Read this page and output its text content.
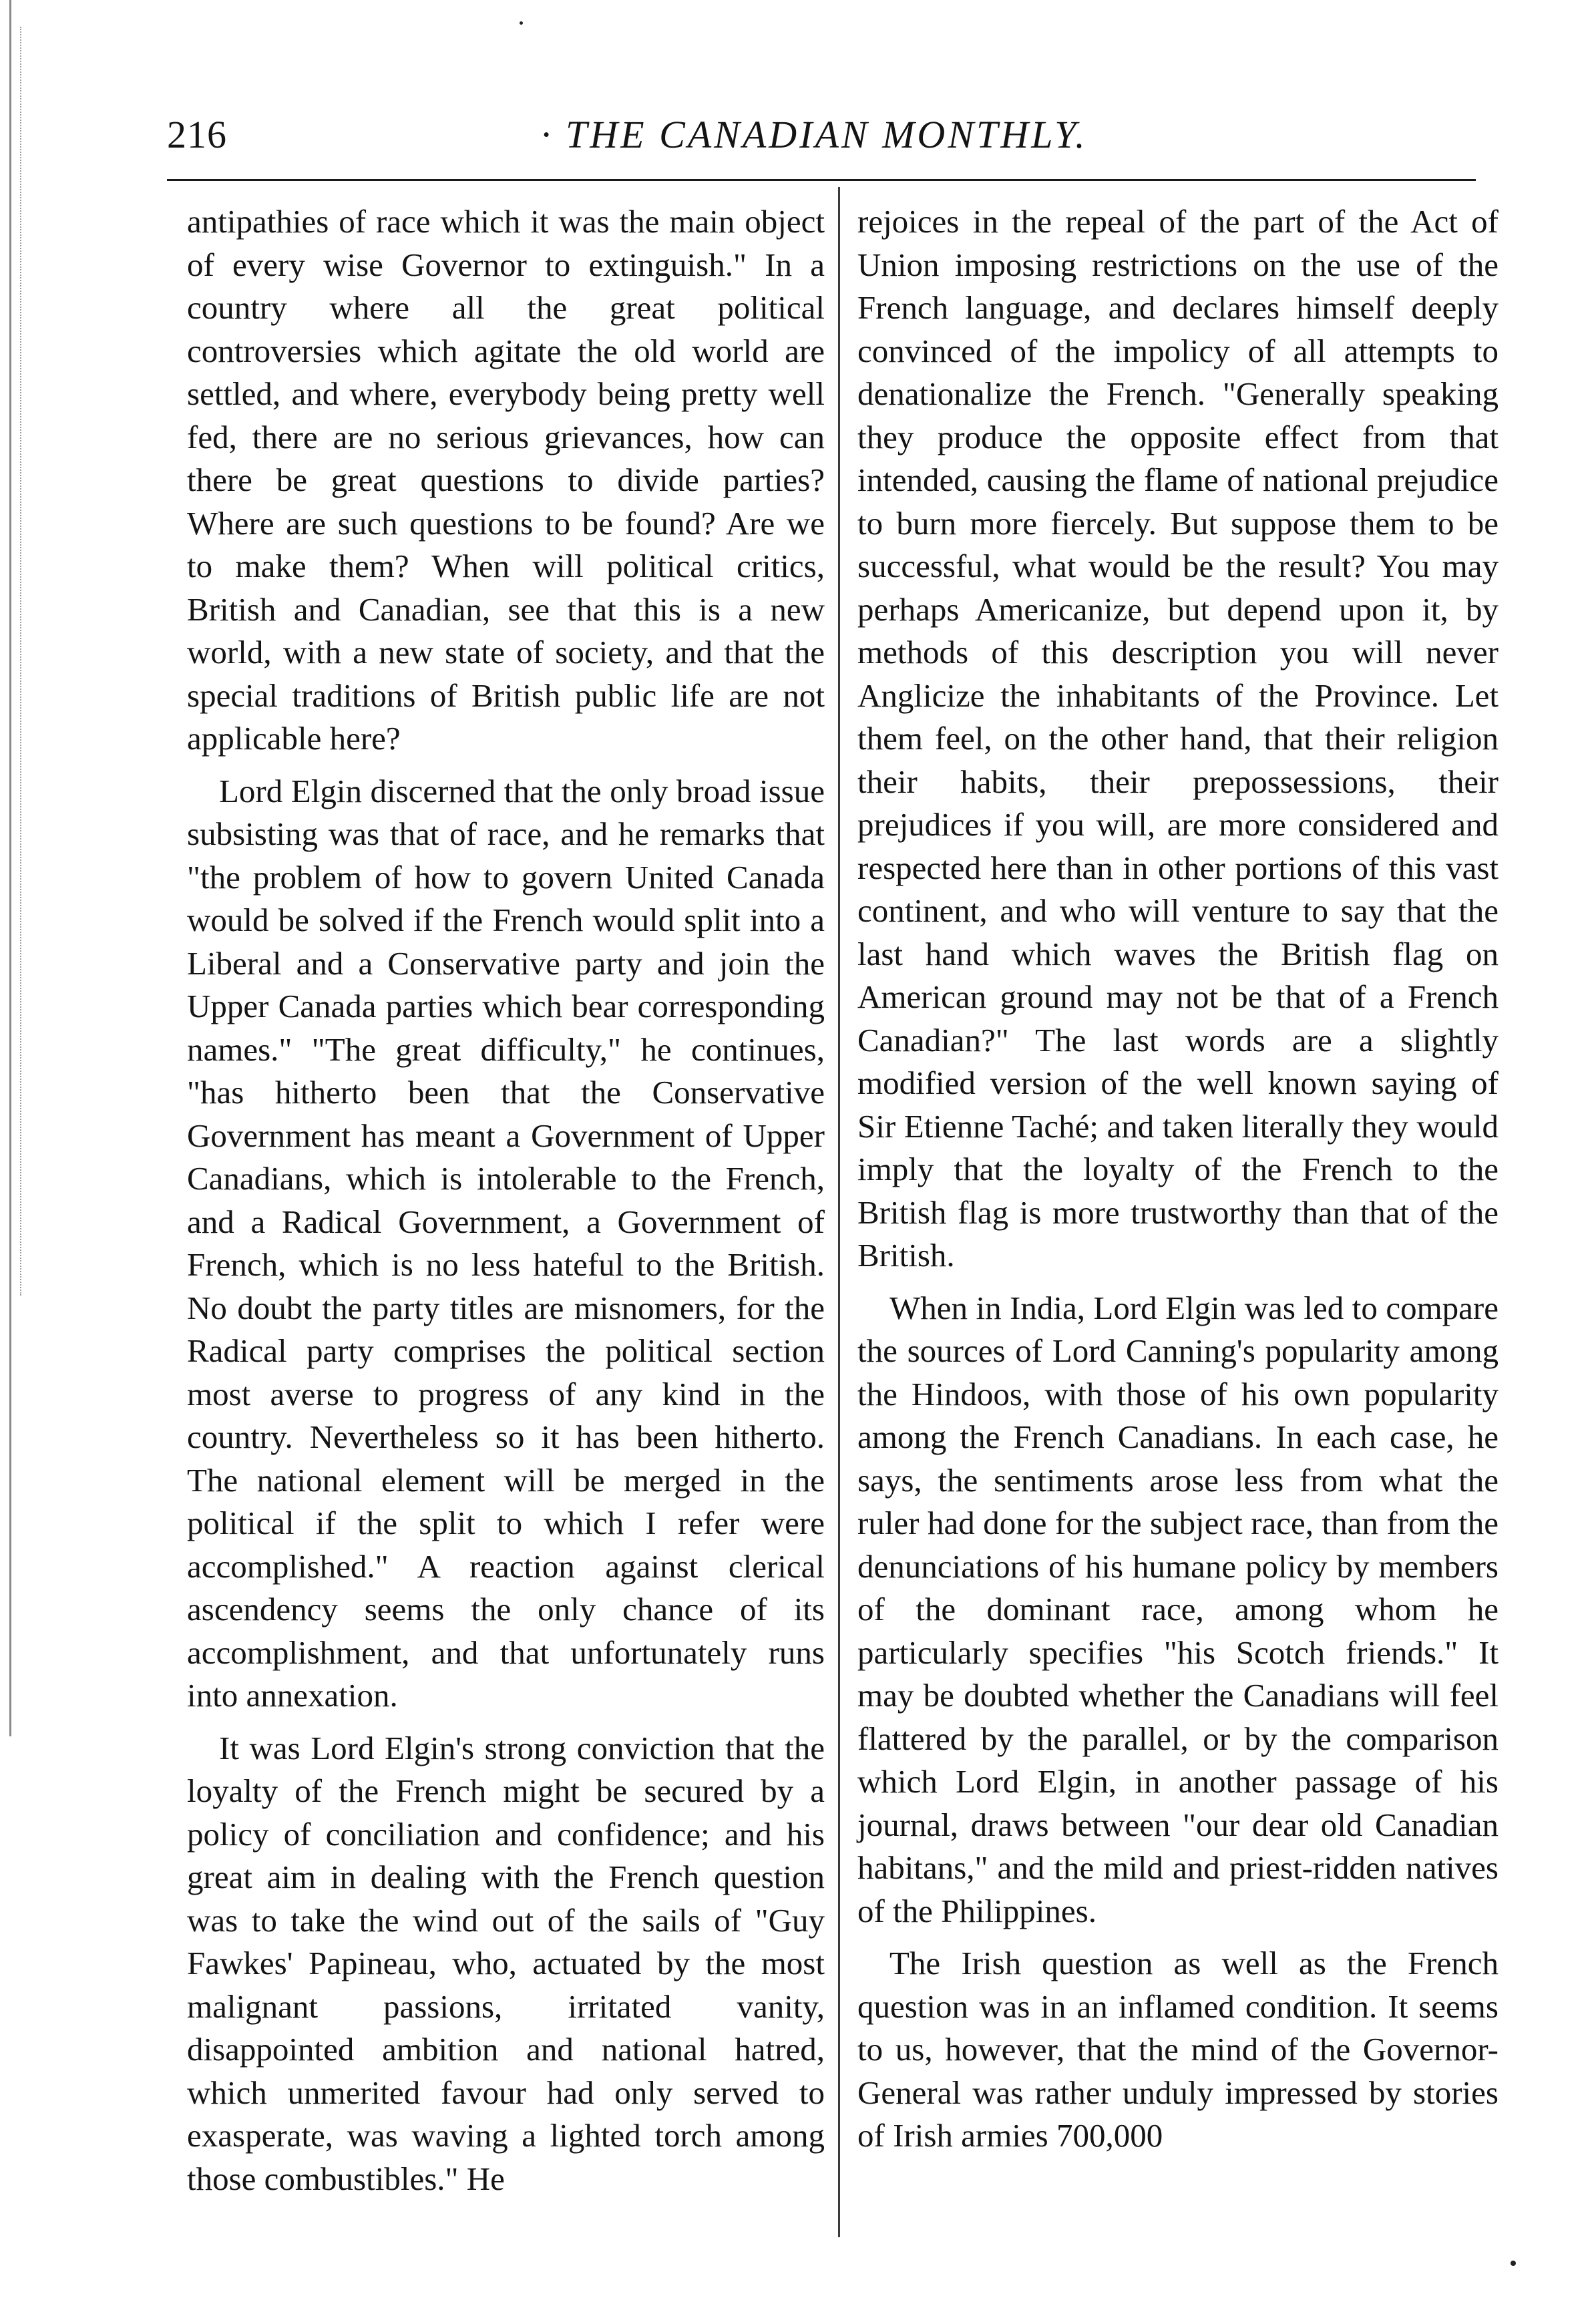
216	· THE CANADIAN MONTHLY.

antipathies of race which it was the main object of every wise Governor to extinguish." In a country where all the great political controversies which agitate the old world are settled, and where, everybody being pretty well fed, there are no serious grievances, how can there be great questions to divide parties? Where are such questions to be found? Are we to make them? When will political critics, British and Canadian, see that this is a new world, with a new state of society, and that the special traditions of British public life are not applicable here?

Lord Elgin discerned that the only broad issue subsisting was that of race, and he remarks that "the problem of how to govern United Canada would be solved if the French would split into a Liberal and a Conservative party and join the Upper Canada parties which bear corresponding names." "The great difficulty," he continues, "has hitherto been that the Conservative Government has meant a Government of Upper Canadians, which is intolerable to the French, and a Radical Government, a Government of French, which is no less hateful to the British. No doubt the party titles are misnomers, for the Radical party comprises the political section most averse to progress of any kind in the country. Nevertheless so it has been hitherto. The national element will be merged in the political if the split to which I refer were accomplished." A reaction against clerical ascendency seems the only chance of its accomplishment, and that unfortunately runs into annexation.

It was Lord Elgin's strong conviction that the loyalty of the French might be secured by a policy of conciliation and confidence; and his great aim in dealing with the French question was to take the wind out of the sails of "Guy Fawkes' Papineau, who, actuated by the most malignant passions, irritated vanity, disappointed ambition and national hatred, which unmerited favour had only served to exasperate, was waving a lighted torch among those combustibles." He

rejoices in the repeal of the part of the Act of Union imposing restrictions on the use of the French language, and declares himself deeply convinced of the impolicy of all attempts to denationalize the French. "Generally speaking they produce the opposite effect from that intended, causing the flame of national prejudice to burn more fiercely. But suppose them to be successful, what would be the result? You may perhaps Americanize, but depend upon it, by methods of this description you will never Anglicize the inhabitants of the Province. Let them feel, on the other hand, that their religion their habits, their prepossessions, their prejudices if you will, are more considered and respected here than in other portions of this vast continent, and who will venture to say that the last hand which waves the British flag on American ground may not be that of a French Canadian?" The last words are a slightly modified version of the well known saying of Sir Etienne Taché; and taken literally they would imply that the loyalty of the French to the British flag is more trustworthy than that of the British.

When in India, Lord Elgin was led to compare the sources of Lord Canning's popularity among the Hindoos, with those of his own popularity among the French Canadians. In each case, he says, the sentiments arose less from what the ruler had done for the subject race, than from the denunciations of his humane policy by members of the dominant race, among whom he particularly specifies "his Scotch friends." It may be doubted whether the Canadians will feel flattered by the parallel, or by the comparison which Lord Elgin, in another passage of his journal, draws between "our dear old Canadian habitans," and the mild and priest-ridden natives of the Philippines.

The Irish question as well as the French question was in an inflamed condition. It seems to us, however, that the mind of the Governor-General was rather unduly impressed by stories of Irish armies 700,000
